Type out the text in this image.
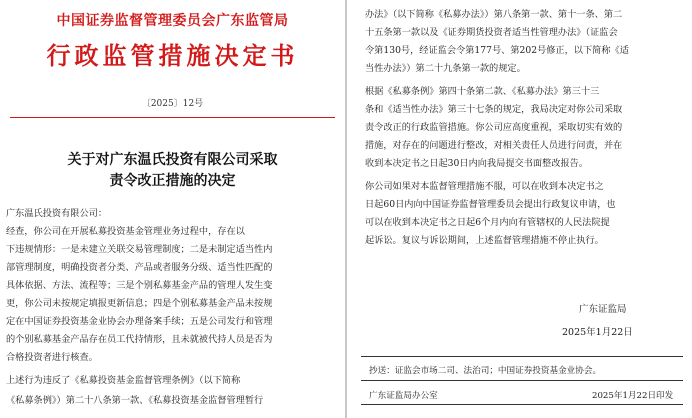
中国证券监督管理委员会广东监管局
行政监管措施决定书
〔2025〕12号
关于对广东温氏投资有限公司采取
责令改正措施的决定
广东温氏投资有限公司：
经查，你公司在开展私募投资基金管理业务过程中，存在以
下违规情形：一是未建立关联交易管理制度；二是未制定适当性内
部管理制度，明确投资者分类、产品或者服务分级、适当性匹配的
具体依据、方法、流程等；三是个别私募基金产品的管理人发生变
更，你公司未按规定填报更新信息；四是个别私募基金产品未按规
定在中国证券投资基金业协会办理备案手续；五是公司发行和管理
的个别私募基金产品存在员工代持情形，且未就被代持人员是否为
合格投资者进行核查。
上述行为违反了《私募投资基金监督管理条例》（以下简称
《私募条例》）第二十八条第一款、《私募投资基金监督管理暂行
办法》（以下简称《私募办法》）第八条第一款、第十一条、第二
十五条第一款以及《证券期货投资者适当性管理办法》（证监会
令第130号，经证监会令第177号、第202号修正，以下简称《适
当性办法》）第二十九条第一款的规定。
根据《私募条例》第四十条第二款、《私募办法》第三十三
条和《适当性办法》第三十七条的规定，我局决定对你公司采取
责令改正的行政监管措施。你公司应高度重视，采取切实有效的
措施，对存在的问题进行整改，对相关责任人员进行问责，并在
收到本决定书之日起30日内向我局提交书面整改报告。
你公司如果对本监督管理措施不服，可以在收到本决定书之
日起60日内向中国证券监督管理委员会提出行政复议申请，也
可以在收到本决定书之日起6个月内向有管辖权的人民法院提
起诉讼。复议与诉讼期间，上述监督管理措施不停止执行。
广东证监局
2025年1月22日
抄送：证监会市场二司、法治司；中国证券投资基金业协会。
广东证监局办公室	2025年1月22日印发
